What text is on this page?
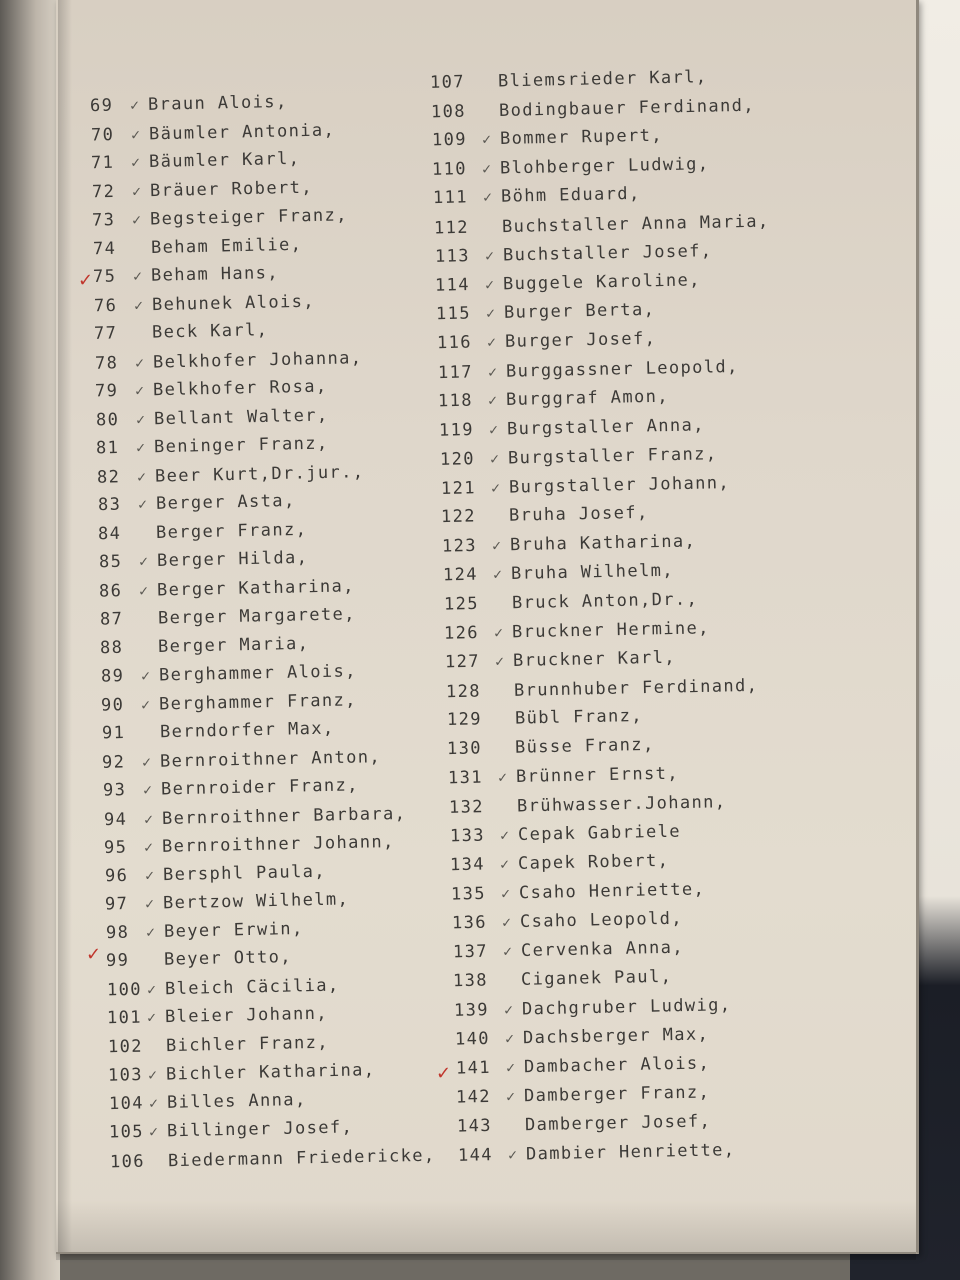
69 ✓ Braun Alois,
70 ✓ Bäumler Antonia,
71 ✓ Bäumler Karl,
72 ✓ Bräuer Robert,
73 ✓ Begsteiger Franz,
74 Beham Emilie,
75 ✓ Beham Hans,
76 ✓ Behunek Alois,
77 Beck Karl,
78 ✓ Belkhofer Johanna,
79 ✓ Belkhofer Rosa,
80 ✓ Bellant Walter,
81 ✓ Beninger Franz,
82 ✓ Beer Kurt,Dr.jur.,
83 ✓ Berger Asta,
84 Berger Franz,
85 ✓ Berger Hilda,
86 ✓ Berger Katharina,
87 Berger Margarete,
88 Berger Maria,
89 ✓ Berghammer Alois,
90 ✓ Berghammer Franz,
91 Berndorfer Max,
92 ✓ Bernroithner Anton,
93 ✓ Bernroider Franz,
94 ✓ Bernroithner Barbara,
95 ✓ Bernroithner Johann,
96 ✓ Bersphl Paula,
97 ✓ Bertzow Wilhelm,
98 ✓ Beyer Erwin,
99 Beyer Otto,
100 ✓ Bleich Cäcilia,
101 ✓ Bleier Johann,
102 Bichler Franz,
103 ✓ Bichler Katharina,
104 ✓ Billes Anna,
105 ✓ Billinger Josef,
106 Biedermann Friedericke,
107 Bliemsrieder Karl,
108 Bodingbauer Ferdinand,
109 ✓ Bommer Rupert,
110 ✓ Blohberger Ludwig,
111 ✓ Böhm Eduard,
112 Buchstaller Anna Maria,
113 ✓ Buchstaller Josef,
114 ✓ Buggele Karoline,
115 ✓ Burger Berta,
116 ✓ Burger Josef,
117 ✓ Burggassner Leopold,
118 ✓ Burggraf Amon,
119 ✓ Burgstaller Anna,
120 ✓ Burgstaller Franz,
121 ✓ Burgstaller Johann,
122 Bruha Josef,
123 ✓ Bruha Katharina,
124 ✓ Bruha Wilhelm,
125 Bruck Anton,Dr.,
126 ✓ Bruckner Hermine,
127 ✓ Bruckner Karl,
128 Brunnhuber Ferdinand,
129 Bübl Franz,
130 Büsse Franz,
131 ✓ Brünner Ernst,
132 Brühwasser.Johann,
133 ✓ Cepak Gabriele
134 ✓ Capek Robert,
135 ✓ Csaho Henriette,
136 ✓ Csaho Leopold,
137 ✓ Cervenka Anna,
138 Ciganek Paul,
139 ✓ Dachgruber Ludwig,
140 ✓ Dachsberger Max,
141 ✓ Dambacher Alois,
142 ✓ Damberger Franz,
143 Damberger Josef,
144 ✓ Dambier Henriette,
✓
✓
✓
